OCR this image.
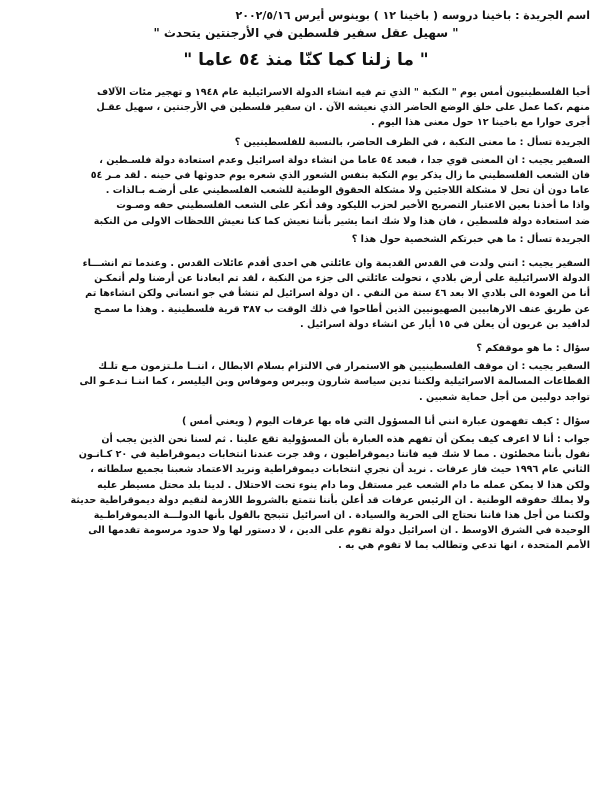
اسم الجريدة : باخينا دروسه ( باخينا ١٢ ) بوينوس أيرس ٢٠٠٢/٥/١٦
" سهيل عقل سفير فلسطين في الأرجنتين يتحدث "
" ما زلنا كما كنّا منذ ٥٤ عاما "

أحيا الفلسطينيون أمس يوم " النكبة " الذي تم فيه انشاء الدولة الاسرائيلية عام ١٩٤٨ و تهجير مئات الآلاف

منهم ،كما عمل على خلق الوضع الحاضر الذي نعيشه الآن . ان سفير فلسطين في الأرجنتين ، سهيل عقـل

أجرى حوارا مع باخينا ١٢ حول معنى هذا اليوم .

الجريدة تسأل : ما معنى النكبة ، في الظرف الحاضر، بالنسبة للفلسطينيين ؟

السفير يجيب : ان المعنى قوي جدا ، فبعد ٥٤ عاما من انشاء دولة اسرائيل وعدم استعادة دولة فلسـطين ،

فان الشعب الفلسطيني ما زال يذكر يوم النكبة بنفس الشعور الذي شعره يوم حدوثها في حينه . لقد مـر ٥٤

عاما دون أن تحل لا مشكلة اللاجئين ولا مشكلة الحقوق الوطنية للشعب الفلسطيني على أرضـه بـالذات .

واذا ما أخذنا بعين الاعتبار التصريح الأخير لحزب الليكود وقد أنكر على الشعب الفلسطيني حقه وصـوت

ضد استعادة دولة فلسطين ، فان هذا ولا شك انما يشير بأننا نعيش كما كنا نعيش اللحظات الاولى من النكبة

الجريدة تسأل : ما هي خبرتكم الشخصية حول هذا ؟

السفير يجيب : انني ولدت في القدس القديمة وان عائلتي هي احدى أقدم عائلات القدس . وعندما تم انشـــاء

الدولة الاسرائيلية على أرض بلادي ، تحولت عائلتي الى جزء من النكبة ، لقد تم ابعادنا عن أرضنا ولم أتمكـن

أنا من العودة الى بلادي الا بعد ٤٦ سنة من النفي . ان دولة اسرائيل لم تنشأ في جو انساني ولكن انشاءها تم

عن طريق عنف الارهابيين الصهيونيين الذين أطاحوا في ذلك الوقت ب ٣٨٧ قرية فلسطينية . وهذا ما سمـح

لدافيد بن غريون أن يعلن في ١٥ أيار عن انشاء دولة اسرائيل .

سؤال : ما هو موقفكم ؟

السفير يجيب : ان موقف الفلسطينيين هو الاستمرار في الالتزام بسلام الابطال ، اننــا ملـتزمون مـع تلـك

القطاعات المسالمة الاسرائيلية ولكننا ندين سياسة شارون وبيرس وموفاس وبن اليليسر ، كما اننـا نـدعـو الى

تواجد دوليين من أجل حماية شعبين .

سؤال : كيف تفهمون عبارة انني أنا المسؤول التي فاه بها عرفات اليوم ( ويعني أمس )

جواب : أنا لا اعرف كيف يمكن أن تفهم هذه العبارة بأن المسؤولية تقع علينا . ثم لسنا نحن الذين يجب أن

نقول بأننا مخطئون . مما لا شك فيه فاننا ديموقراطيون ، وقد جرت عندنا انتخابات ديموقراطية في ٢٠ كـانـون

الثاني عام ١٩٩٦ حيث فاز عرفات . نريد أن نجري انتخابات ديموقراطية ونريد الاعتماد شعبنا بجميع سلطاته ،

ولكن هذا لا يمكن عمله ما دام الشعب غير مستقل وما دام ينوء تحت الاحتلال . لدينا بلد محتل مسيطر عليه

ولا يملك حقوقه الوطنية . ان الرئيس عرفات قد أعلن بأننا نتمتع بالشروط اللازمة لنقيم دولة ديموقراطية حديثة

ولكننا من أجل هذا فاننا نحتاج الى الحرية والسيادة . ان اسرائيل تتبجح بالقول بأنها الدولـــة الديموقراطـية

الوحيدة في الشرق الاوسط . ان اسرائيل دولة تقوم على الدين ، لا دستور لها ولا حدود مرسومة تقدمها الى

الأمم المتحدة ، انها تدعي وتطالب بما لا تقوم هي به .
